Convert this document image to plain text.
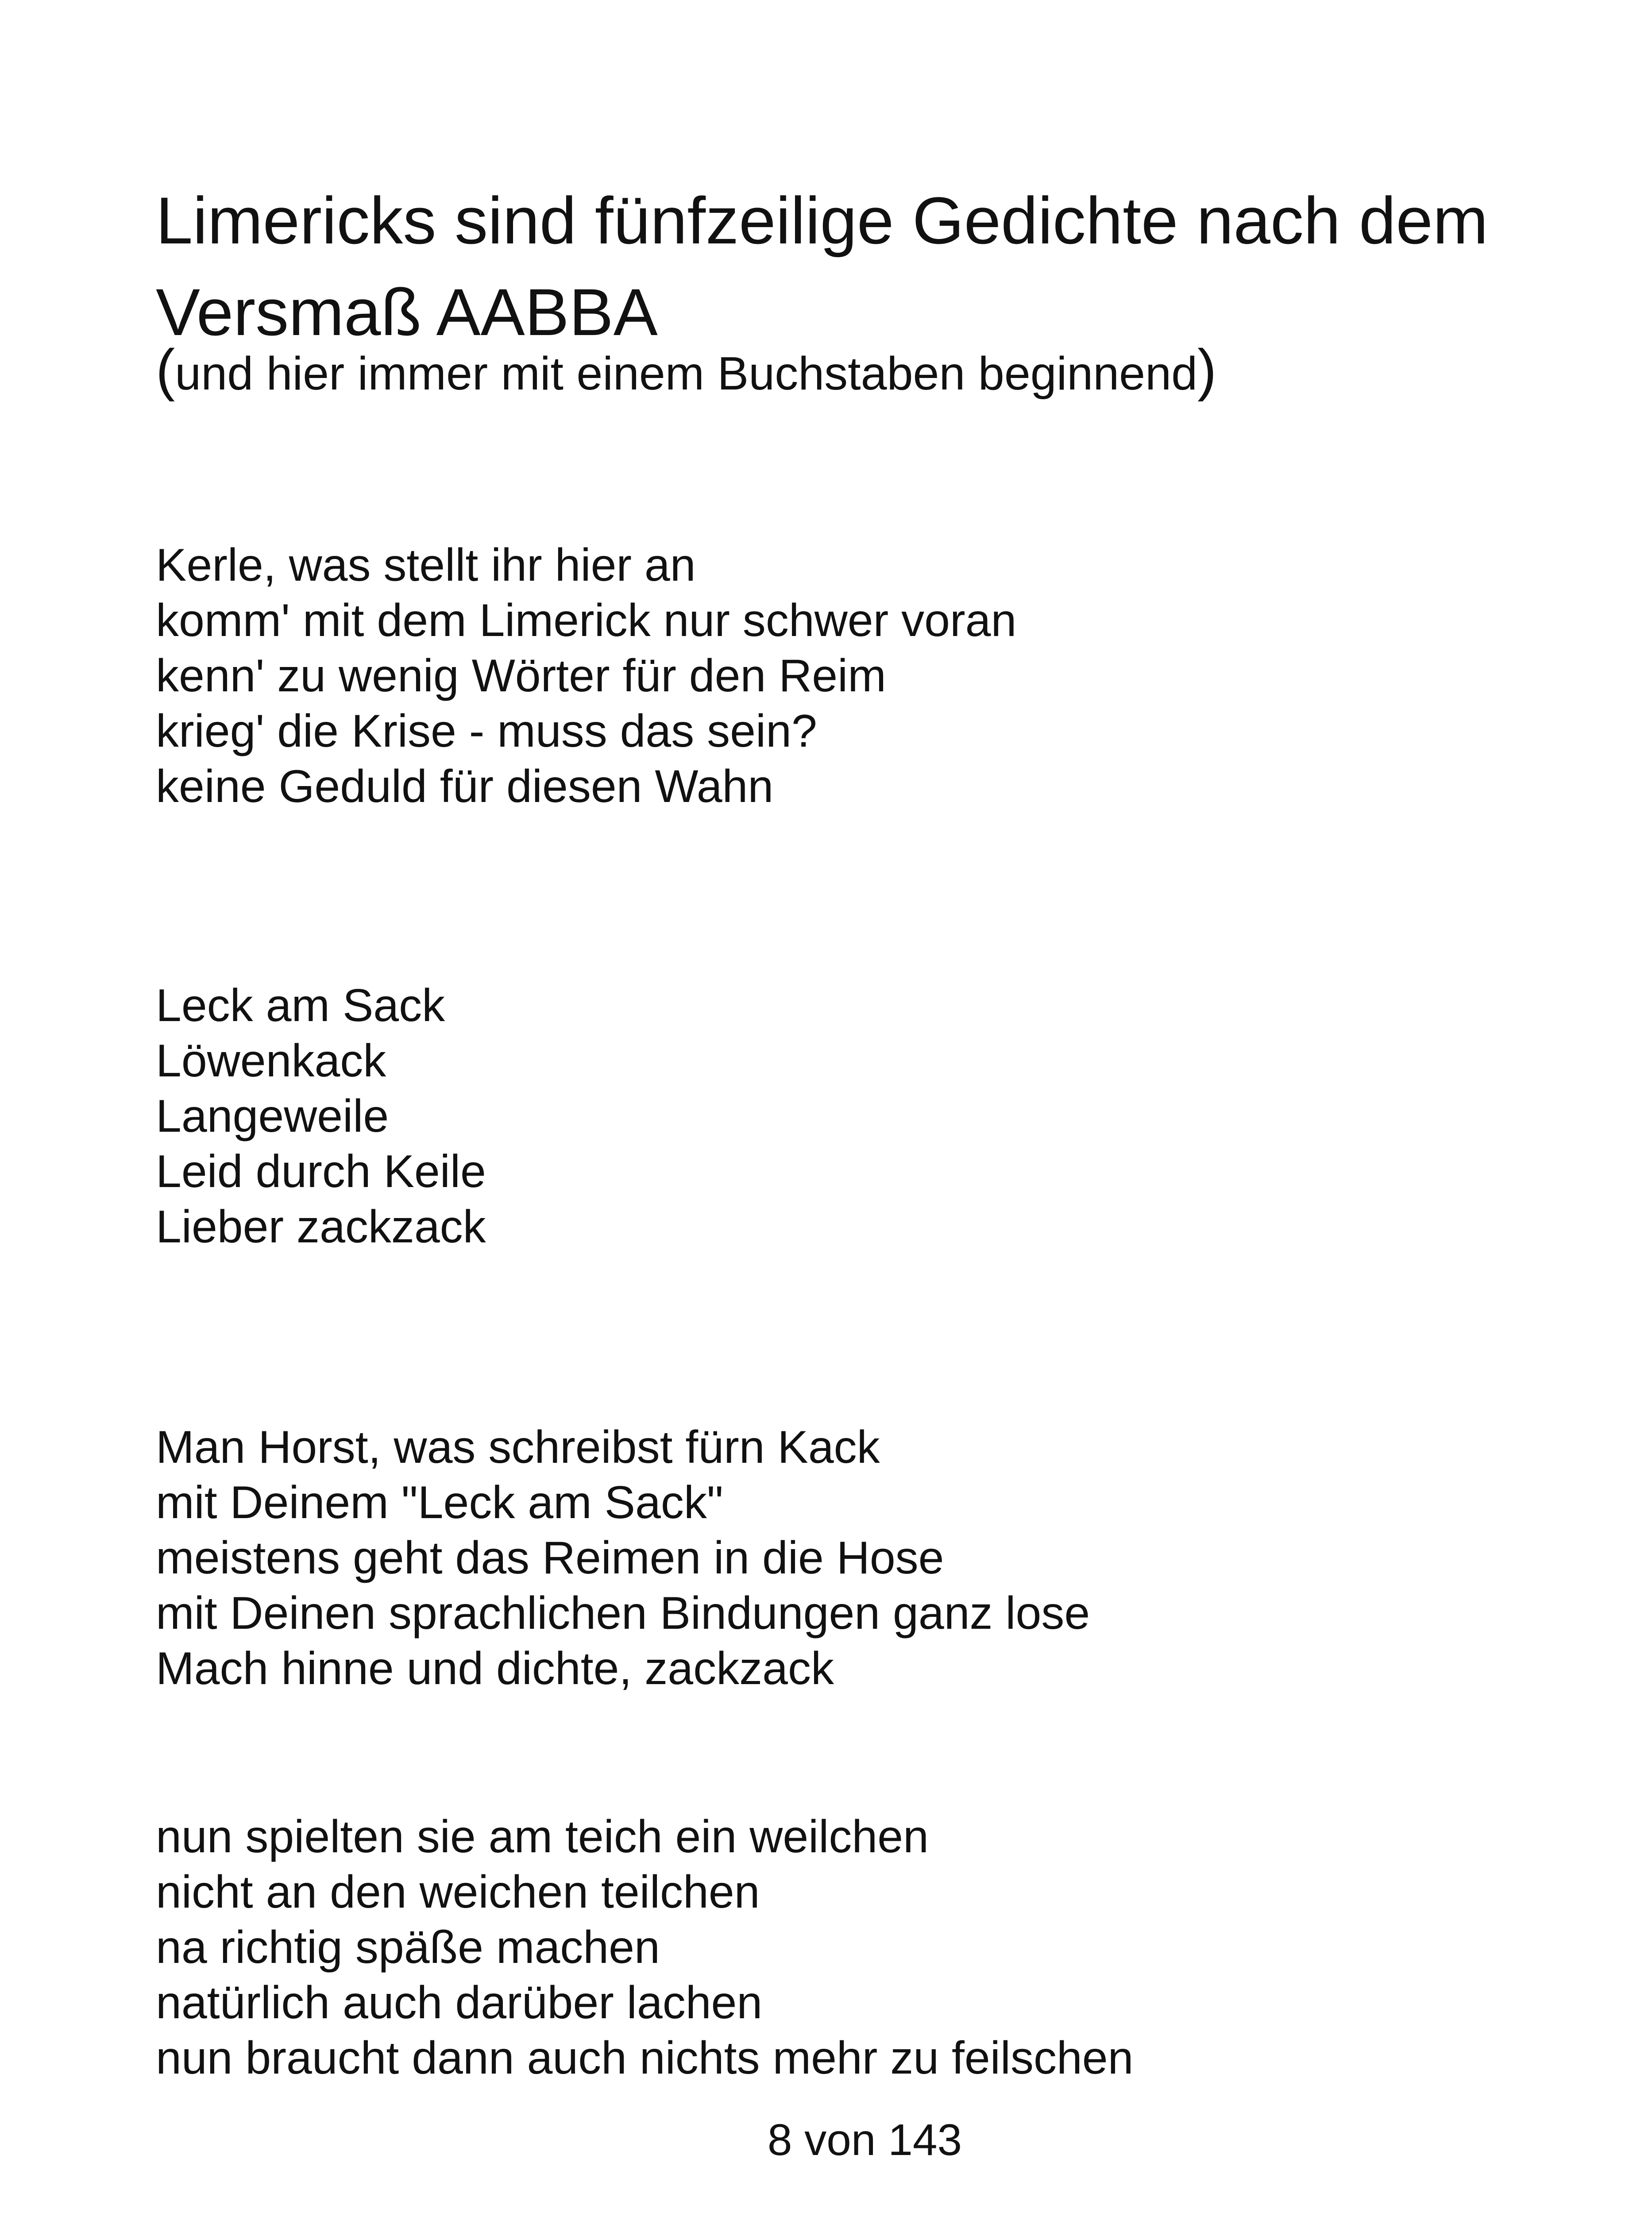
Limericks sind fünfzeilige Gedichte nach dem Versmaß AABBA

(und hier immer mit einem Buchstaben beginnend)

Kerle, was stellt ihr hier an
komm' mit dem Limerick nur schwer voran
kenn' zu wenig Wörter für den Reim
krieg' die Krise - muss das sein?
keine Geduld für diesen Wahn
Leck am Sack
Löwenkack
Langeweile
Leid durch Keile
Lieber zackzack
Man Horst, was schreibst fürn Kack
mit Deinem "Leck am Sack"
meistens geht das Reimen in die Hose
mit Deinen sprachlichen Bindungen ganz lose
Mach hinne und dichte, zackzack
nun spielten sie am teich ein weilchen
nicht an den weichen teilchen
na richtig späße machen
natürlich auch darüber lachen
nun braucht dann auch nichts mehr zu feilschen
8 von 143
